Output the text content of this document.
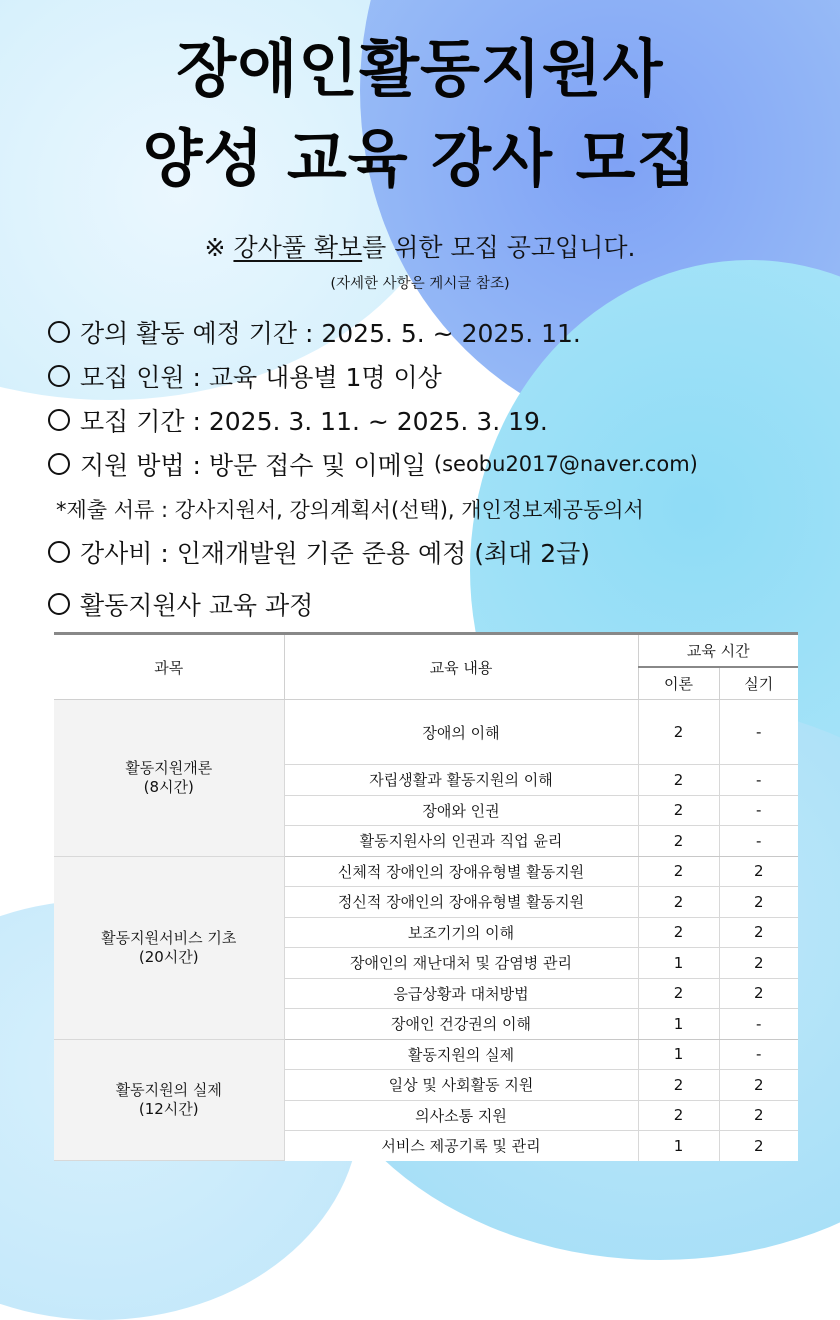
장애인활동지원사
양성 교육 강사 모집
※ 강사풀 확보를 위한 모집 공고입니다.
(자세한 사항은 게시글 참조)
강의 활동 예정 기간 : 2025. 5. ~ 2025. 11.
모집 인원 : 교육 내용별 1명 이상
모집 기간 : 2025. 3. 11. ~ 2025. 3. 19.
지원 방법 : 방문 접수 및 이메일 (seobu2017@naver.com)
*제출 서류 : 강사지원서, 강의계획서(선택), 개인정보제공동의서
강사비 : 인재개발원 기준 준용 예정 (최대 2급)
활동지원사 교육 과정
과목	교육 내용	교육 시간	
		이론	실기

활동지원개론
(8시간)	장애의 이해	2	-
	자립생활과 활동지원의 이해	2	-
	장애와 인권	2	-
	활동지원사의 인권과 직업 윤리	2	-

활동지원서비스 기초
(20시간)	신체적 장애인의 장애유형별 활동지원	2	2
	정신적 장애인의 장애유형별 활동지원	2	2
	보조기기의 이해	2	2
	장애인의 재난대처 및 감염병 관리	1	2
	응급상황과 대처방법	2	2
	장애인 건강권의 이해	1	-

활동지원의 실제
(12시간)	활동지원의 실제	1	-
	일상 및 사회활동 지원	2	2
	의사소통 지원	2	2
	서비스 제공기록 및 관리	1	2
